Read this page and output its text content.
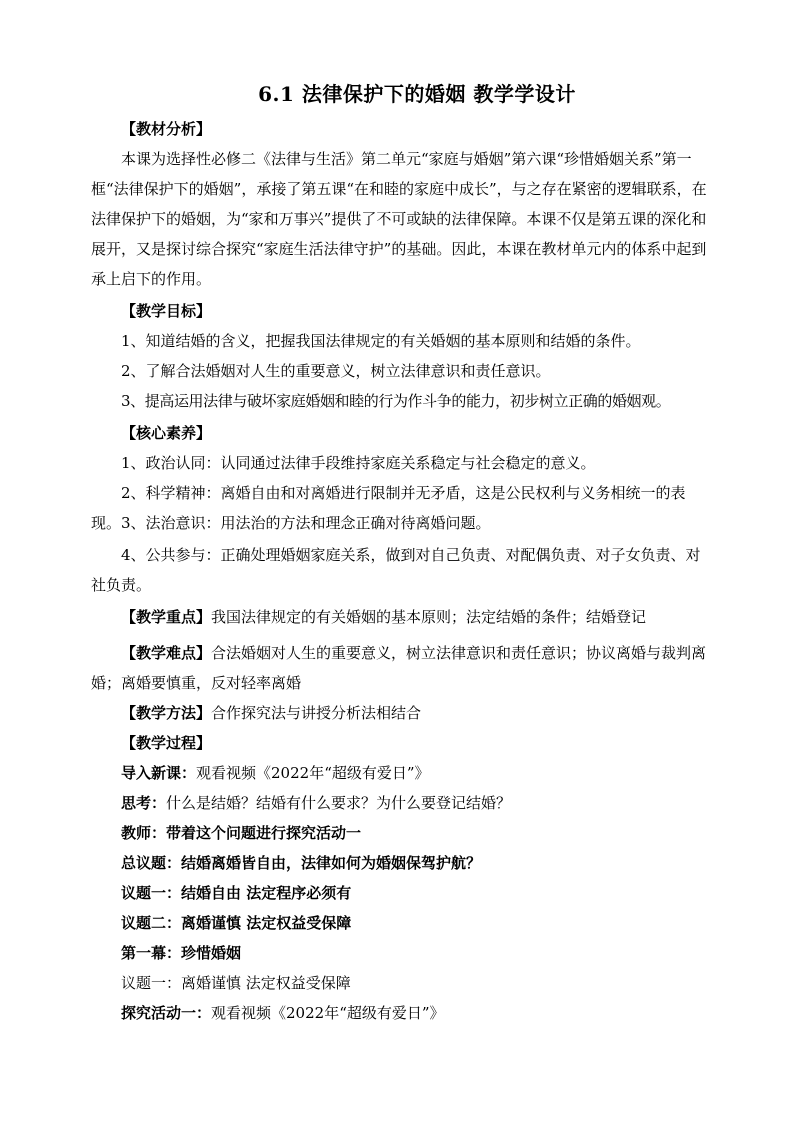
6.1 法律保护下的婚姻 教学学设计

【教材分析】

本课为选择性必修二《法律与生活》第二单元“家庭与婚姻”第六课“珍惜婚姻关系”第一框“法律保护下的婚姻”，承接了第五课“在和睦的家庭中成长”，与之存在紧密的逻辑联系，在法律保护下的婚姻，为“家和万事兴”提供了不可或缺的法律保障。本课不仅是第五课的深化和展开，又是探讨综合探究“家庭生活法律守护”的基础。因此，本课在教材单元内的体系中起到承上启下的作用。

【教学目标】

1、知道结婚的含义，把握我国法律规定的有关婚姻的基本原则和结婚的条件。

2、了解合法婚姻对人生的重要意义，树立法律意识和责任意识。

3、提高运用法律与破坏家庭婚姻和睦的行为作斗争的能力，初步树立正确的婚姻观。

【核心素养】

1、政治认同：认同通过法律手段维持家庭关系稳定与社会稳定的意义。

2、科学精神：离婚自由和对离婚进行限制并无矛盾，这是公民权利与义务相统一的表现。3、法治意识：用法治的方法和理念正确对待离婚问题。

4、公共参与：正确处理婚姻家庭关系，做到对自己负责、对配偶负责、对子女负责、对社负责。

【教学重点】我国法律规定的有关婚姻的基本原则；法定结婚的条件；结婚登记

【教学难点】合法婚姻对人生的重要意义，树立法律意识和责任意识；协议离婚与裁判离婚；离婚要慎重，反对轻率离婚

【教学方法】合作探究法与讲授分析法相结合

【教学过程】

导入新课：观看视频《2022年“超级有爱日”》

思考：什么是结婚？结婚有什么要求？为什么要登记结婚？

教师：带着这个问题进行探究活动一

总议题：结婚离婚皆自由，法律如何为婚姻保驾护航？

议题一：结婚自由 法定程序必须有

议题二：离婚谨慎 法定权益受保障

第一幕：珍惜婚姻

议题一：离婚谨慎 法定权益受保障

探究活动一：观看视频《2022年“超级有爱日”》
